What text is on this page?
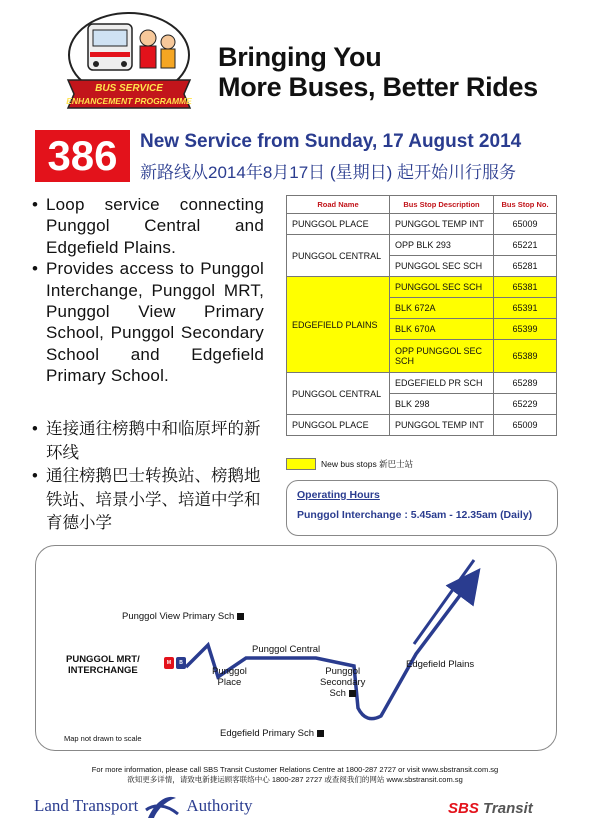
BUS SERVICE
ENHANCEMENT PROGRAMME
Bringing You
More Buses, Better Rides
386	New Service from Sunday, 17 August 2014
新路线从2014年8月17日 (星期日) 起开始川行服务
• Loop service connecting Punggol Central and Edgefield Plains.
• Provides access to Punggol Interchange, Punggol MRT, Punggol View Primary School, Punggol Secondary School and Edgefield Primary School.
• 连接通往榜鹅中和临原坪的新环线
• 通往榜鹅巴士转换站、榜鹅地铁站、培景小学、培道中学和育德小学
Road Name	Bus Stop Description	Bus Stop No.
PUNGGOL PLACE	PUNGGOL TEMP INT	65009
PUNGGOL CENTRAL	OPP BLK 293	65221
	PUNGGOL SEC SCH	65281
EDGEFIELD PLAINS	PUNGGOL SEC SCH	65381
	BLK 672A	65391
	BLK 670A	65399
	OPP PUNGGOL SEC SCH	65389
PUNGGOL CENTRAL	EDGEFIELD PR SCH	65289
	BLK 298	65229
PUNGGOL PLACE	PUNGGOL TEMP INT	65009
New bus stops
新巴士站
Operating Hours
Punggol Interchange : 5.45am - 12.35am (Daily)
M	B
Punggol View Primary Sch
Punggol Central
PUNGGOL MRT/
INTERCHANGE	Punggol
Place
Punggol
Secondary
Sch
Edgefield Plains
Edgefield Primary Sch
Map not drawn to scale
For more information, please call SBS Transit Customer Relations Centre at 1800-287 2727 or visit www.sbstransit.com.sg
欲知更多详情，请致电新捷运顾客联络中心 1800-287 2727 或查阅我们的网站 www.sbstransit.com.sg
Land Transport	Authority	SBS Transit
